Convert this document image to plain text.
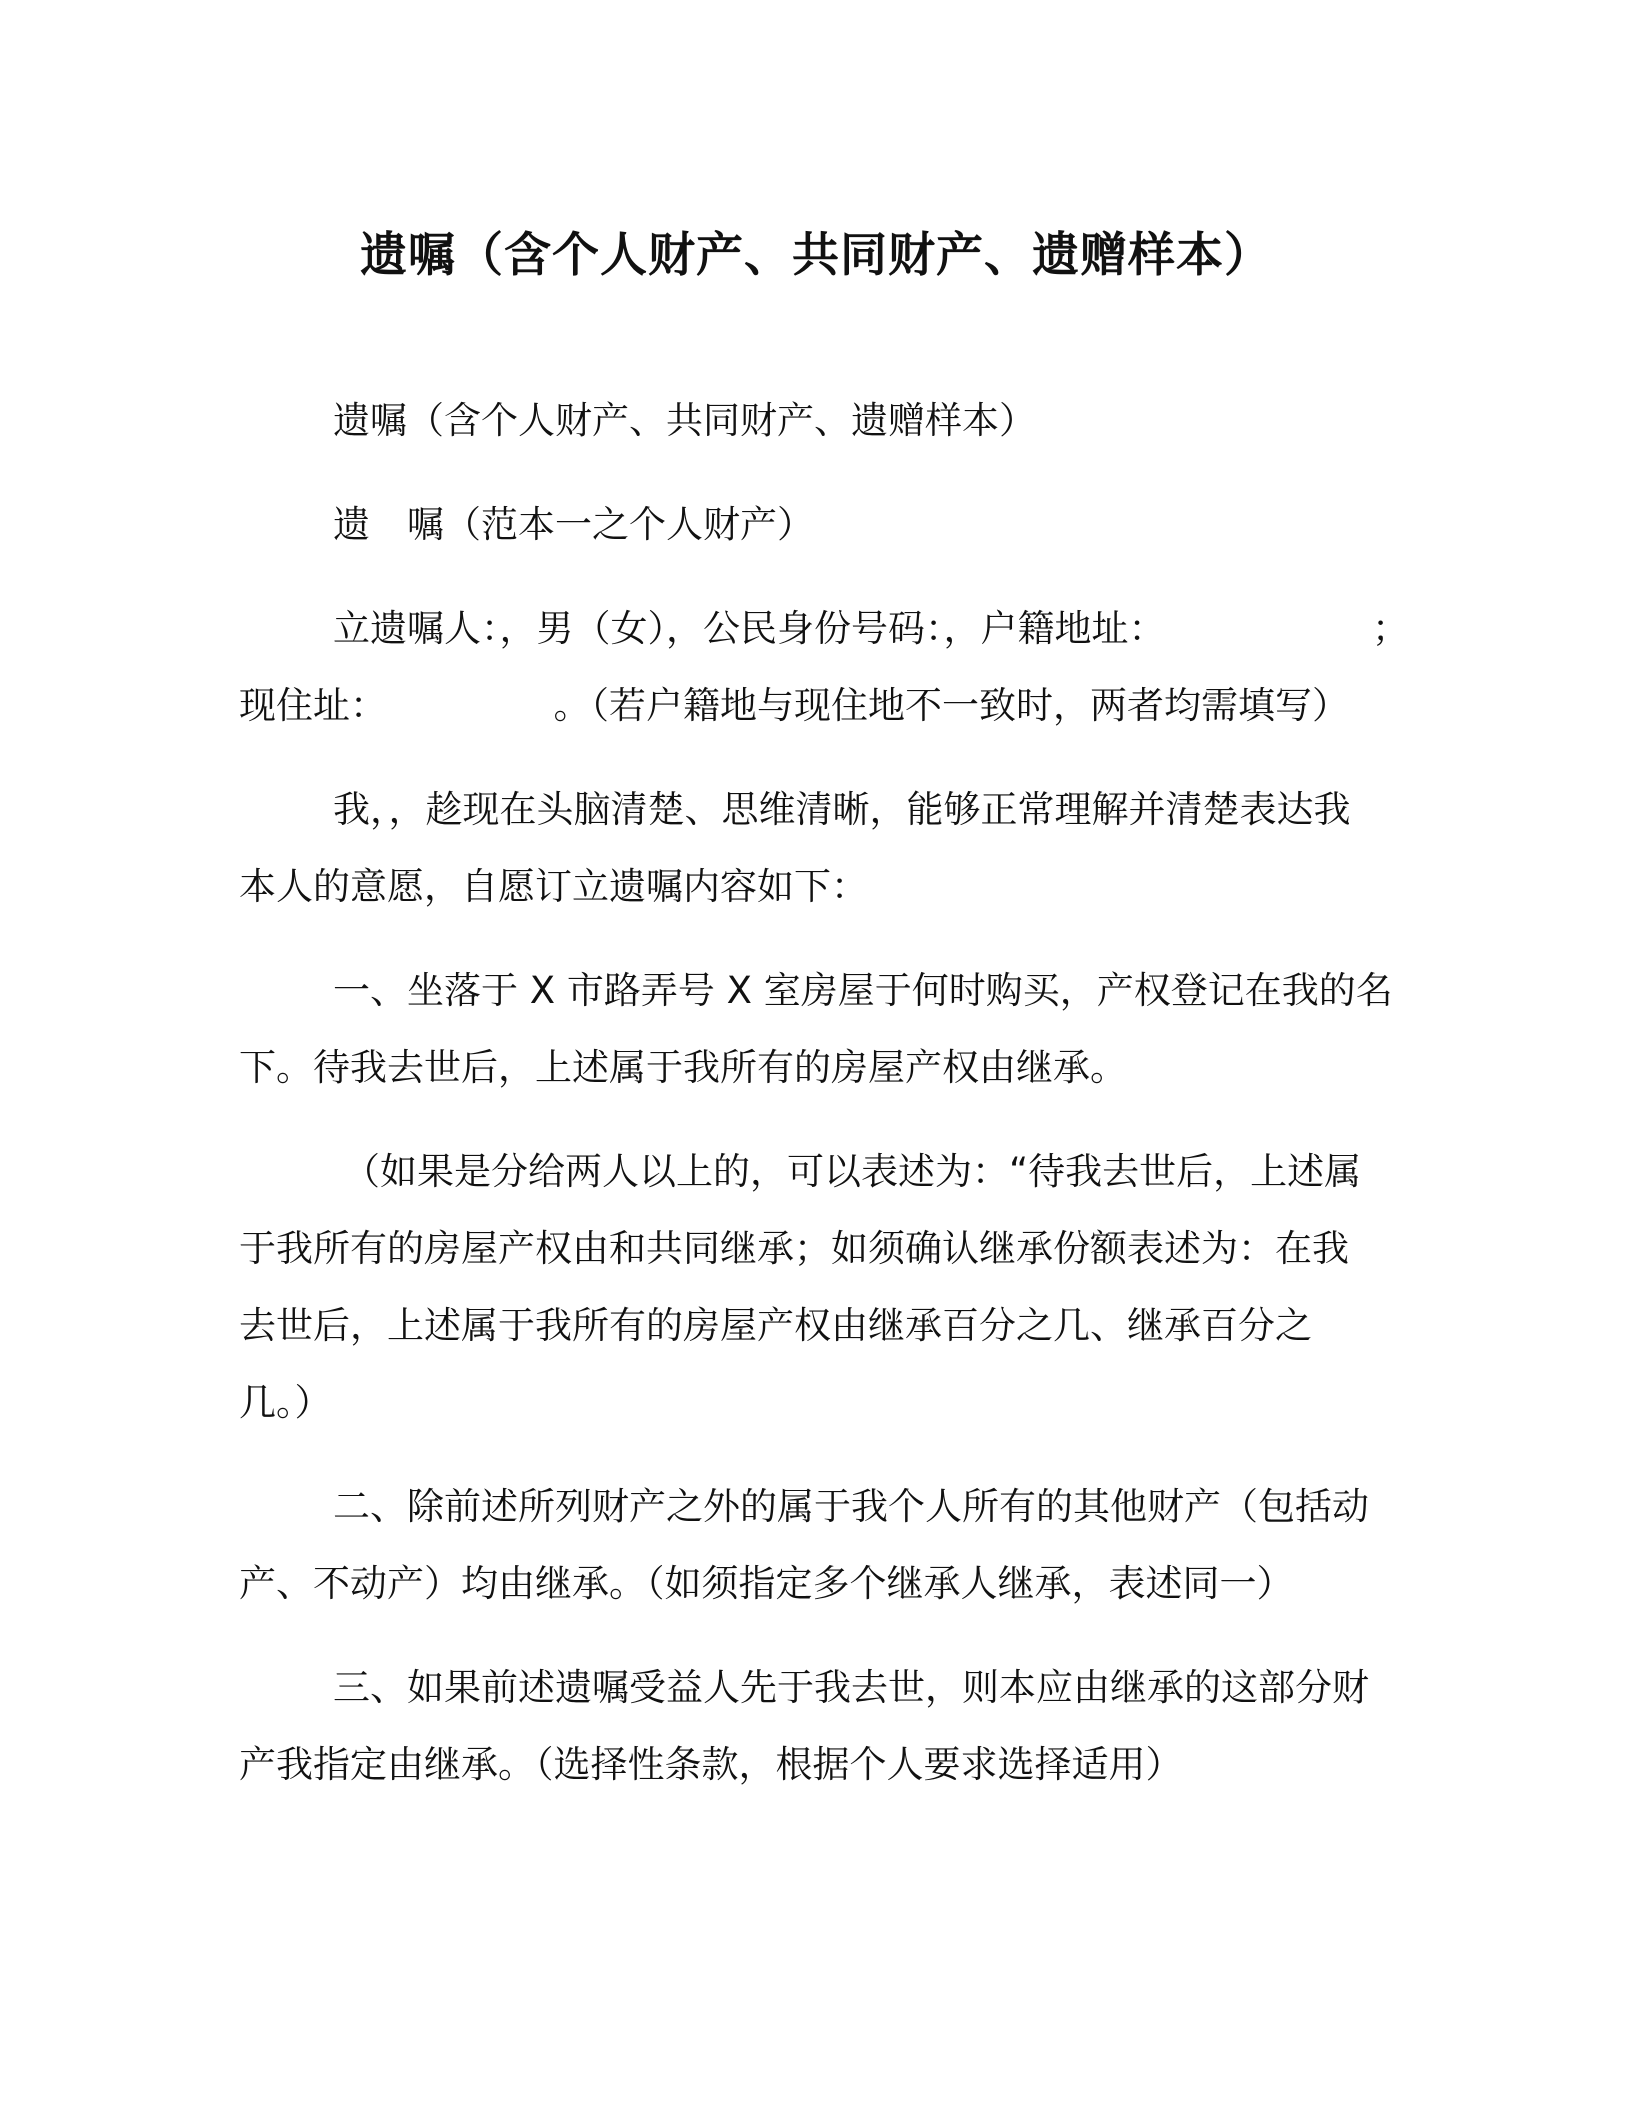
遗嘱（含个人财产、共同财产、遗赠样本）
遗嘱（含个人财产、共同财产、遗赠样本）
遗　嘱（范本一之个人财产）
立遗嘱人：，男（女），公民身份号码：，户籍地址：	；
现住址：　　　　　。（若户籍地与现住地不一致时，两者均需填写）
我，，趁现在头脑清楚、思维清晰，能够正常理解并清楚表达我
本人的意愿，自愿订立遗嘱内容如下：
一、坐落于 X 市路弄号 X 室房屋于何时购买，产权登记在我的名
下。待我去世后，上述属于我所有的房屋产权由继承。
（如果是分给两人以上的，可以表述为：“待我去世后，上述属
于我所有的房屋产权由和共同继承；如须确认继承份额表述为：在我
去世后，上述属于我所有的房屋产权由继承百分之几、继承百分之
几。）
二、除前述所列财产之外的属于我个人所有的其他财产（包括动
产、不动产）均由继承。（如须指定多个继承人继承，表述同一）
三、如果前述遗嘱受益人先于我去世，则本应由继承的这部分财
产我指定由继承。（选择性条款，根据个人要求选择适用）
